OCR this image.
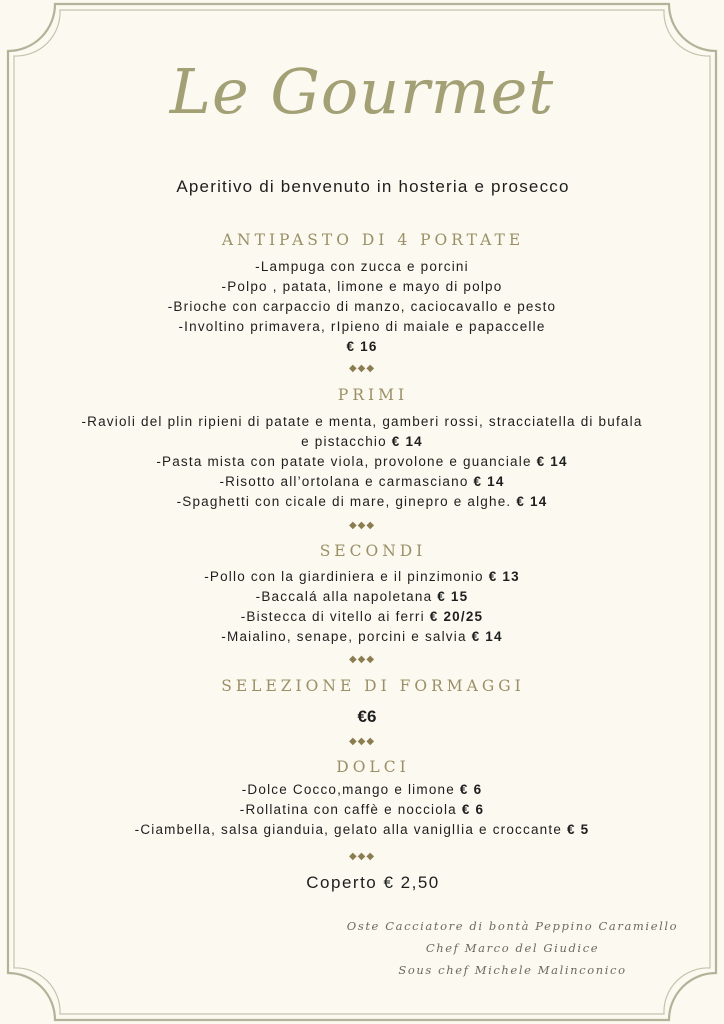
Le Gourmet
Aperitivo di benvenuto in hosteria e prosecco
ANTIPASTO DI 4 PORTATE
-Lampuga con zucca e porcini
-Polpo , patata, limone e mayo di polpo
-Brioche con carpaccio di manzo, caciocavallo e pesto
-Involtino primavera, rIpieno di maiale e papaccelle
€ 16
◆◆◆
PRIMI
-Ravioli del plin ripieni di patate e menta, gamberi rossi, stracciatella di bufala
e pistacchio € 14
-Pasta mista con patate viola, provolone e guanciale € 14
-Risotto all’ortolana e carmasciano € 14
-Spaghetti con cicale di mare, ginepro e alghe. € 14
◆◆◆
SECONDI
-Pollo con la giardiniera e il pinzimonio € 13
-Baccalá alla napoletana € 15
-Bistecca di vitello ai ferri € 20/25
-Maialino, senape, porcini e salvia € 14
◆◆◆
SELEZIONE DI FORMAGGI
€6
◆◆◆
DOLCI
-Dolce Cocco,mango e limone € 6
-Rollatina con caffè e nocciola € 6
-Ciambella, salsa gianduia, gelato alla vaniglIia e croccante € 5
◆◆◆
Coperto € 2,50
Oste Cacciatore di bontà Peppino Caramiello
Chef Marco del Giudice
Sous chef Michele Malinconico
